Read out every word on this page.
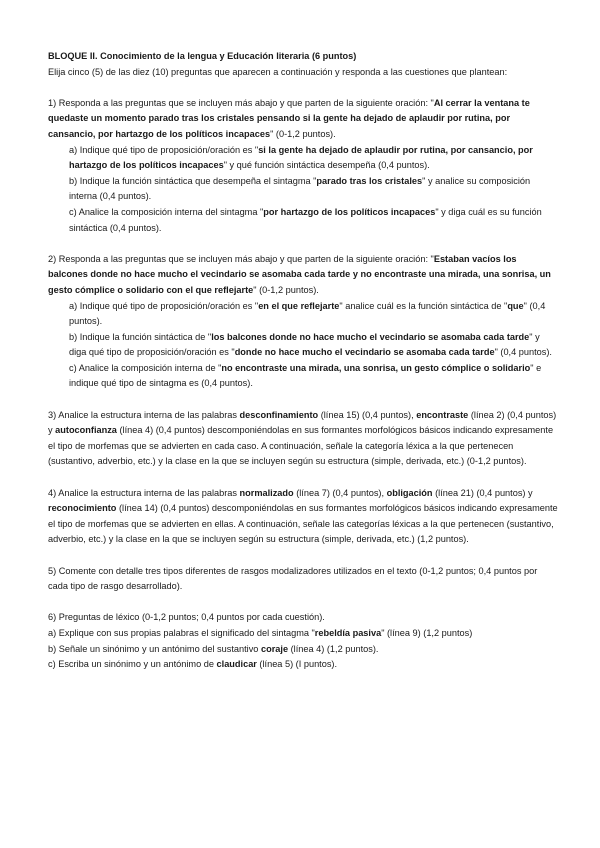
BLOQUE II. Conocimiento de la lengua y Educación literaria (6 puntos)

Elija cinco (5) de las diez (10) preguntas que aparecen a continuación y responda a las cuestiones que plantean:

1) Responda a las preguntas que se incluyen más abajo y que parten de la siguiente oración: "Al cerrar la ventana te quedaste un momento parado tras los cristales pensando si la gente ha dejado de aplaudir por rutina, por cansancio, por hartazgo de los políticos incapaces" (0-1,2 puntos).

a) Indique qué tipo de proposición/oración es "si la gente ha dejado de aplaudir por rutina, por cansancio, por hartazgo de los políticos incapaces" y qué función sintáctica desempeña (0,4 puntos).

b) Indique la función sintáctica que desempeña el sintagma "parado tras los cristales" y analice su composición interna (0,4 puntos).

c) Analice la composición interna del sintagma "por hartazgo de los políticos incapaces" y diga cuál es su función sintáctica (0,4 puntos).

2) Responda a las preguntas que se incluyen más abajo y que parten de la siguiente oración: "Estaban vacíos los
balcones donde no hace mucho el vecindario se asomaba cada tarde y no encontraste una mirada, una sonrisa, un gesto cómplice o solidario con el que reflejarte" (0-1,2 puntos).

a) Indique qué tipo de proposición/oración es "en el que reflejarte" analice cuál es la función sintáctica de "que" (0,4 puntos).

b) Indique la función sintáctica de "los balcones donde no hace mucho el vecindario se asomaba cada tarde" y diga qué tipo de proposición/oración es "donde no hace mucho el vecindario se asomaba cada tarde" (0,4 puntos).

c) Analice la composición interna de "no encontraste una mirada, una sonrisa, un gesto cómplice o solidario" e indique qué tipo de sintagma es (0,4 puntos).

3) Analice la estructura interna de las palabras desconfinamiento (línea 15) (0,4 puntos), encontraste (línea 2) (0,4 puntos) y autoconfianza (línea 4) (0,4 puntos) descomponiéndolas en sus formantes morfológicos básicos indicando expresamente el tipo de morfemas que se advierten en cada caso. A continuación, señale la categoría léxica a la que pertenecen (sustantivo, adverbio, etc.) y la clase en la que se incluyen según su estructura (simple, derivada, etc.) (0-1,2 puntos).

4) Analice la estructura interna de las palabras normalizado (línea 7) (0,4 puntos), obligación (línea 21) (0,4 puntos) y reconocimiento (línea 14) (0,4 puntos) descomponiéndolas en sus formantes morfológicos básicos indicando expresamente el tipo de morfemas que se advierten en ellas. A continuación, señale las categorías léxicas a la que pertenecen (sustantivo, adverbio, etc.) y la clase en la que se incluyen según su estructura (simple, derivada, etc.) (1,2 puntos).

5) Comente con detalle tres tipos diferentes de rasgos modalizadores utilizados en el texto (0-1,2 puntos; 0,4 puntos por cada tipo de rasgo desarrollado).

6) Preguntas de léxico (0-1,2 puntos; 0,4 puntos por cada cuestión).

a) Explique con sus propias palabras el significado del sintagma "rebeldía pasiva" (línea 9) (1,2 puntos)

b) Señale un sinónimo y un antónimo del sustantivo coraje (línea 4) (1,2 puntos).

c) Escriba un sinónimo y un antónimo de claudicar (línea 5) (I puntos).
